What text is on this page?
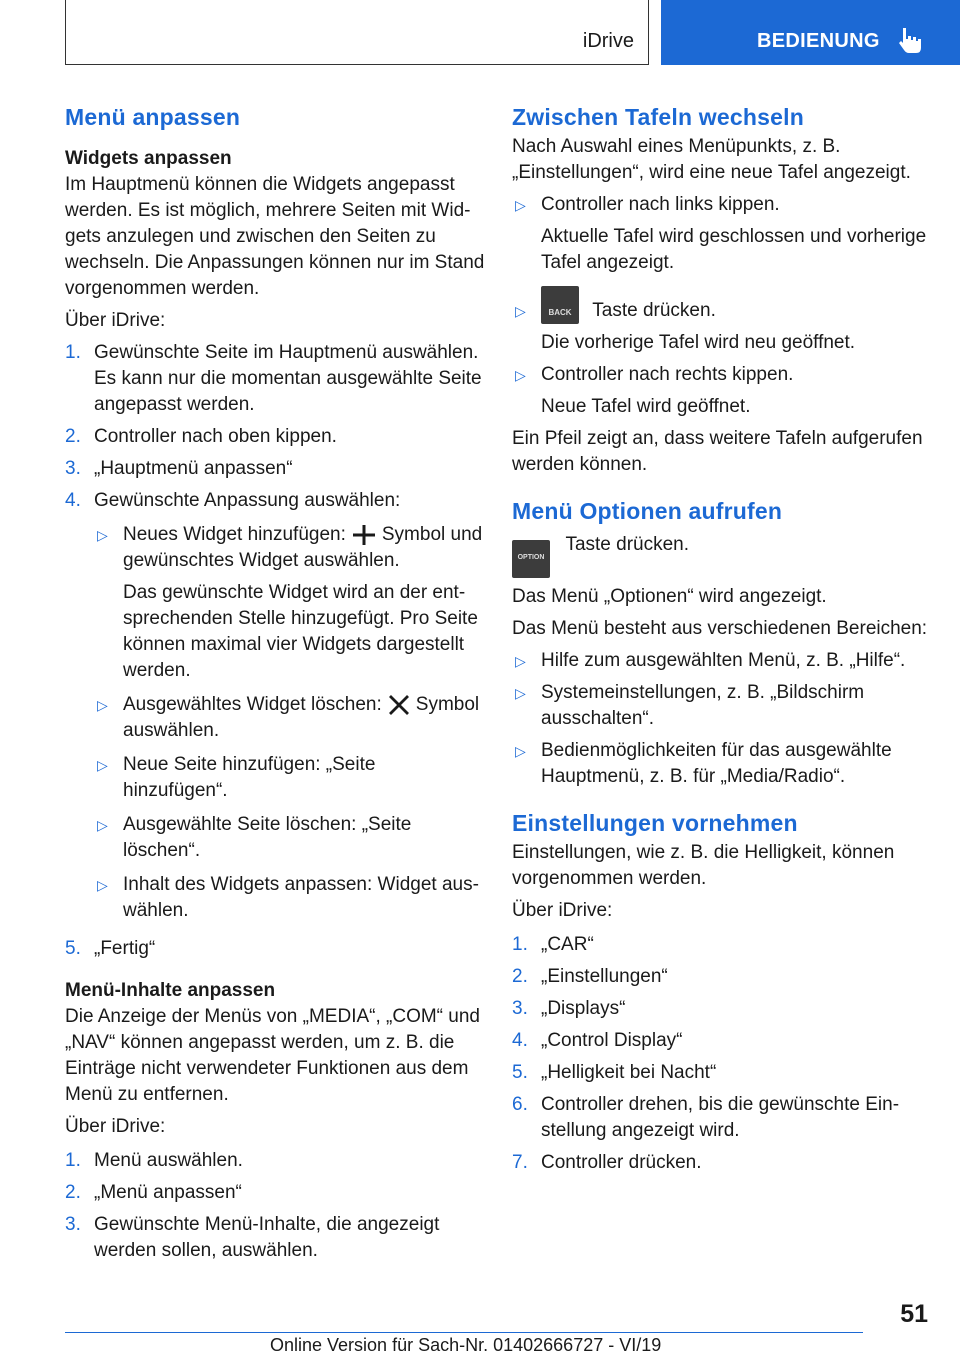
iDrive	BEDIENUNG
Menü anpassen
Widgets anpassen

Im Hauptmenü können die Widgets angepasst werden. Es ist möglich, mehrere Seiten mit Widgets anzulegen und zwischen den Seiten zu wechseln. Die Anpassungen können nur im Stand vorgenommen werden.

Über iDrive:

1. Gewünschte Seite im Hauptmenü auswählen. Es kann nur die momentan ausgewählte Seite angepasst werden.
2. Controller nach oben kippen.
3. „Hauptmenü anpassen“
4. Gewünschte Anpassung auswählen:
▷ Neues Widget hinzufügen: Symbol und gewünschtes Widget auswählen.
Das gewünschte Widget wird an der entsprechenden Stelle hinzugefügt. Pro Seite können maximal vier Widgets dargestellt werden.
▷ Ausgewähltes Widget löschen: Symbol auswählen.
▷ Neue Seite hinzufügen: „Seite hinzufügen“.
▷ Ausgewählte Seite löschen: „Seite löschen“.
▷ Inhalt des Widgets anpassen: Widget auswählen.
5. „Fertig“
Menü-Inhalte anpassen

Die Anzeige der Menüs von „MEDIA“, „COM“ und „NAV“ können angepasst werden, um z. B. die Einträge nicht verwendeter Funktionen aus dem Menü zu entfernen.

Über iDrive:

1. Menü auswählen.
2. „Menü anpassen“
3. Gewünschte Menü-Inhalte, die angezeigt werden sollen, auswählen.
Zwischen Tafeln wechseln

Nach Auswahl eines Menüpunkts, z. B. „Einstellungen“, wird eine neue Tafel angezeigt.

▷ Controller nach links kippen.
Aktuelle Tafel wird geschlossen und vorherige Tafel angezeigt.
▷	BACK	Taste drücken.
Die vorherige Tafel wird neu geöffnet.
▷ Controller nach rechts kippen.
Neue Tafel wird geöffnet.

Ein Pfeil zeigt an, dass weitere Tafeln aufgerufen werden können.

Menü Optionen aufrufen
OPTION
Taste drücken.

Das Menü „Optionen“ wird angezeigt.

Das Menü besteht aus verschiedenen Bereichen:

▷ Hilfe zum ausgewählten Menü, z. B. „Hilfe“.
▷ Systemeinstellungen, z. B. „Bildschirm ausschalten“.
▷ Bedienmöglichkeiten für das ausgewählte Hauptmenü, z. B. für „Media/Radio“.
Einstellungen vornehmen

Einstellungen, wie z. B. die Helligkeit, können vorgenommen werden.

Über iDrive:

1. „CAR“
2. „Einstellungen“
3. „Displays“
4. „Control Display“
5. „Helligkeit bei Nacht“
6. Controller drehen, bis die gewünschte Einstellung angezeigt wird.
7. Controller drücken.
51
Online Version für Sach-Nr. 01402666727 - VI/19
